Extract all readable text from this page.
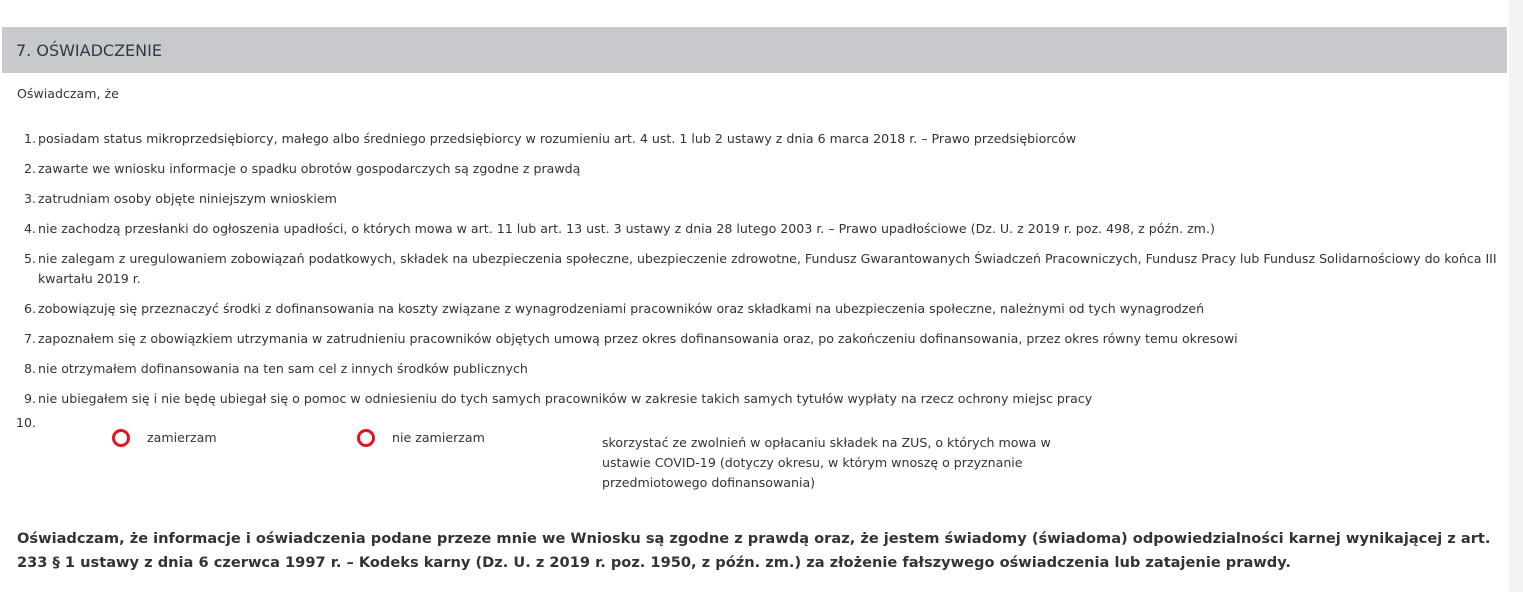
7. OŚWIADCZENIE
Oświadczam, że
1. posiadam status mikroprzedsiębiorcy, małego albo średniego przedsiębiorcy w rozumieniu art. 4 ust. 1 lub 2 ustawy z dnia 6 marca 2018 r. – Prawo przedsiębiorców
2. zawarte we wniosku informacje o spadku obrotów gospodarczych są zgodne z prawdą
3. zatrudniam osoby objęte niniejszym wnioskiem
4. nie zachodzą przesłanki do ogłoszenia upadłości, o których mowa w art. 11 lub art. 13 ust. 3 ustawy z dnia 28 lutego 2003 r. – Prawo upadłościowe (Dz. U. z 2019 r. poz. 498, z późn. zm.)
5. nie zalegam z uregulowaniem zobowiązań podatkowych, składek na ubezpieczenia społeczne, ubezpieczenie zdrowotne, Fundusz Gwarantowanych Świadczeń Pracowniczych, Fundusz Pracy lub Fundusz Solidarnościowy do końca III kwartału 2019 r.
6. zobowiązuję się przeznaczyć środki z dofinansowania na koszty związane z wynagrodzeniami pracowników oraz składkami na ubezpieczenia społeczne, należnymi od tych wynagrodzeń
7. zapoznałem się z obowiązkiem utrzymania w zatrudnieniu pracowników objętych umową przez okres dofinansowania oraz, po zakończeniu dofinansowania, przez okres równy temu okresowi
8. nie otrzymałem dofinansowania na ten sam cel z innych środków publicznych
9. nie ubiegałem się i nie będę ubiegał się o pomoc w odniesieniu do tych samych pracowników w zakresie takich samych tytułów wypłaty na rzecz ochrony miejsc pracy
10.
zamierzam	nie zamierzam	skorzystać ze zwolnień w opłacaniu składek na ZUS, o których mowa w ustawie COVID-19 (dotyczy okresu, w którym wnoszę o przyznanie przedmiotowego dofinansowania)
Oświadczam, że informacje i oświadczenia podane przeze mnie we Wniosku są zgodne z prawdą oraz, że jestem świadomy (świadoma) odpowiedzialności karnej wynikającej z art. 233 § 1 ustawy z dnia 6 czerwca 1997 r. – Kodeks karny (Dz. U. z 2019 r. poz. 1950, z późn. zm.) za złożenie fałszywego oświadczenia lub zatajenie prawdy.
